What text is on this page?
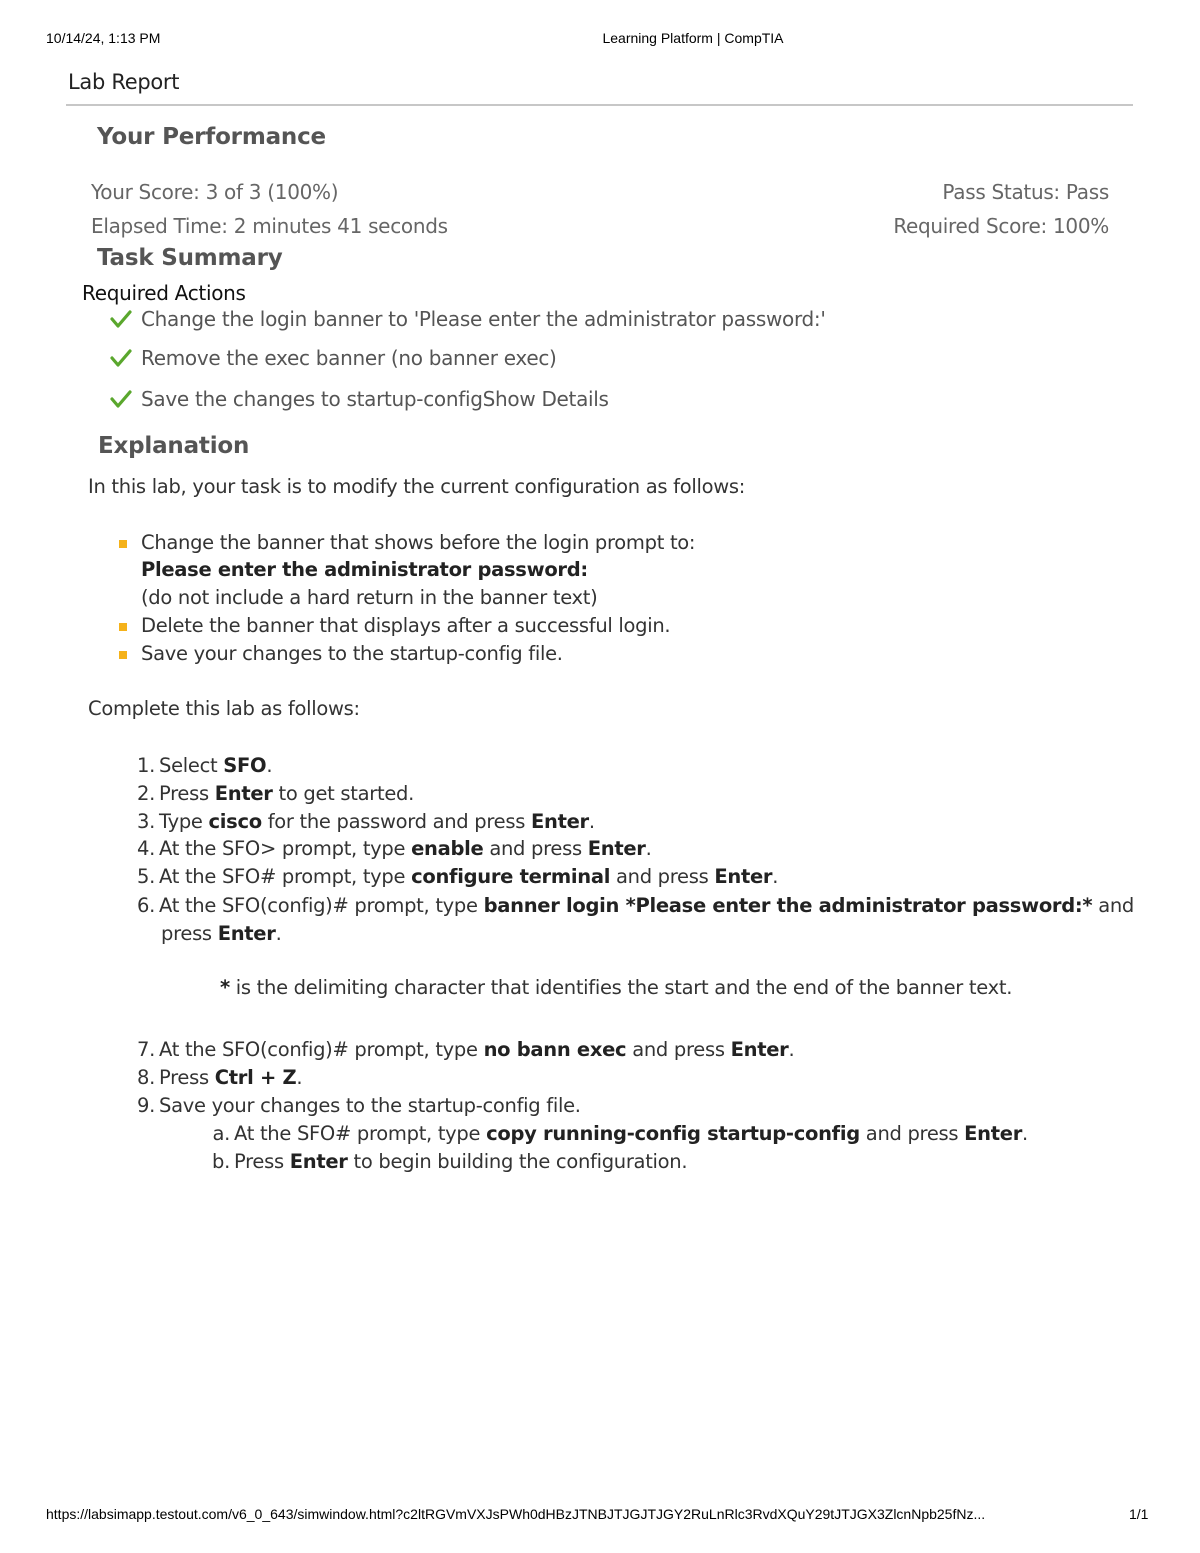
10/14/24, 1:13 PM	Learning Platform | CompTIA
Lab Report
Your Performance
Your Score: 3 of 3 (100%)
Elapsed Time: 2 minutes 41 seconds
Pass Status: Pass
Required Score: 100%
Task Summary
Required Actions
Change the login banner to 'Please enter the administrator password:'
Remove the exec banner (no banner exec)
Save the changes to startup-configShow Details
Explanation
In this lab, your task is to modify the current configuration as follows:
Change the banner that shows before the login prompt to:
Please enter the administrator password:
(do not include a hard return in the banner text)
Delete the banner that displays after a successful login.
Save your changes to the startup-config file.
Complete this lab as follows:
1. Select SFO.
2. Press Enter to get started.
3. Type cisco for the password and press Enter.
4. At the SFO> prompt, type enable and press Enter.
5. At the SFO# prompt, type configure terminal and press Enter.
6. At the SFO(config)# prompt, type banner login *Please enter the administrator password:* and
press Enter.
* is the delimiting character that identifies the start and the end of the banner text.
7. At the SFO(config)# prompt, type no bann exec and press Enter.
8. Press Ctrl + Z.
9. Save your changes to the startup-config file.
a. At the SFO# prompt, type copy running-config startup-config and press Enter.
b. Press Enter to begin building the configuration.
https://labsimapp.testout.com/v6_0_643/simwindow.html?c2ltRGVmVXJsPWh0dHBzJTNBJTJGJTJGY2RuLnRlc3RvdXQuY29tJTJGX3ZlcnNpb25fNz...	1/1
